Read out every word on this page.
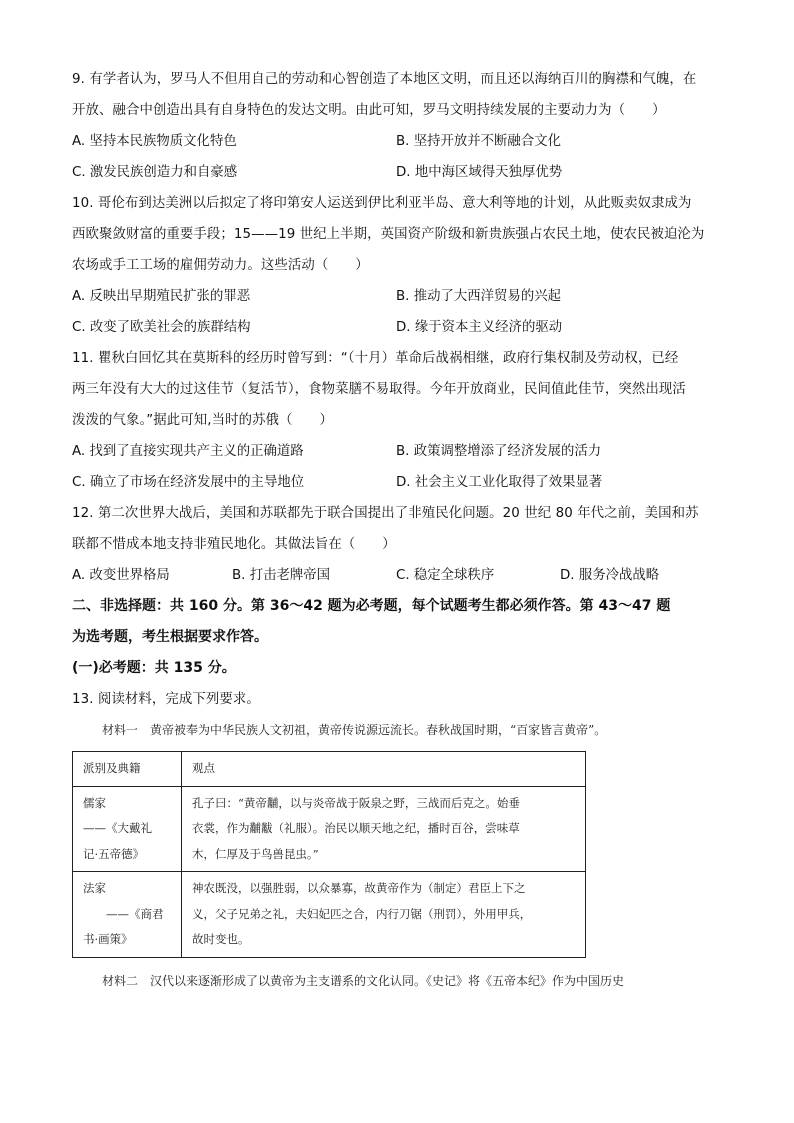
9. 有学者认为，罗马人不但用自己的劳动和心智创造了本地区文明，而且还以海纳百川的胸襟和气魄，在

开放、融合中创造出具有自身特色的发达文明。由此可知，罗马文明持续发展的主要动力为（　　）

A. 坚持本民族物质文化特色	B. 坚持开放并不断融合文化
C. 激发民族创造力和自豪感	D. 地中海区域得天独厚优势

10. 哥伦布到达美洲以后拟定了将印第安人运送到伊比利亚半岛、意大利等地的计划，从此贩卖奴隶成为

西欧聚敛财富的重要手段；15——19 世纪上半期，英国资产阶级和新贵族强占农民土地，使农民被迫沦为

农场或手工工场的雇佣劳动力。这些活动（　　）

A. 反映出早期殖民扩张的罪恶	B. 推动了大西洋贸易的兴起
C. 改变了欧美社会的族群结构	D. 缘于资本主义经济的驱动

11. 瞿秋白回忆其在莫斯科的经历时曾写到：“（十月）革命后战祸相继，政府行集权制及劳动权，已经

两三年没有大大的过这佳节（复活节），食物菜膳不易取得。今年开放商业，民间值此佳节，突然出现活

泼泼的气象。”据此可知,当时的苏俄（　　）

A. 找到了直接实现共产主义的正确道路	B. 政策调整增添了经济发展的活力
C. 确立了市场在经济发展中的主导地位	D. 社会主义工业化取得了效果显著

12. 第二次世界大战后，美国和苏联都先于联合国提出了非殖民化问题。20 世纪 80 年代之前，美国和苏

联都不惜成本地支持非殖民地化。其做法旨在（　　）

A. 改变世界格局	B. 打击老牌帝国	C. 稳定全球秩序	D. 服务冷战战略

二、非选择题：共 160 分。第 36～42 题为必考题，每个试题考生都必须作答。第 43～47 题

为选考题，考生根据要求作答。

(一)必考题：共 135 分。

13. 阅读材料，完成下列要求。

材料一　黄帝被奉为中华民族人文初祖，黄帝传说源远流长。春秋战国时期，“百家皆言黄帝”。

派别及典籍	观点

儒家
——《大戴礼
记·五帝德》	孔子曰：“黄帝黼，以与炎帝战于阪泉之野，三战而后克之。始垂
衣裳，作为黼黻（礼服）。治民以顺天地之纪，播时百谷，尝味草
木，仁厚及于鸟兽昆虫。”

法家
　　——《商君
书·画策》	神农既没，以强胜弱，以众暴寡，故黄帝作为（制定）君臣上下之
义，父子兄弟之礼，夫妇妃匹之合，内行刀锯（刑罚），外用甲兵，
故时变也。

材料二　汉代以来逐渐形成了以黄帝为主支谱系的文化认同。《史记》将《五帝本纪》作为中国历史
